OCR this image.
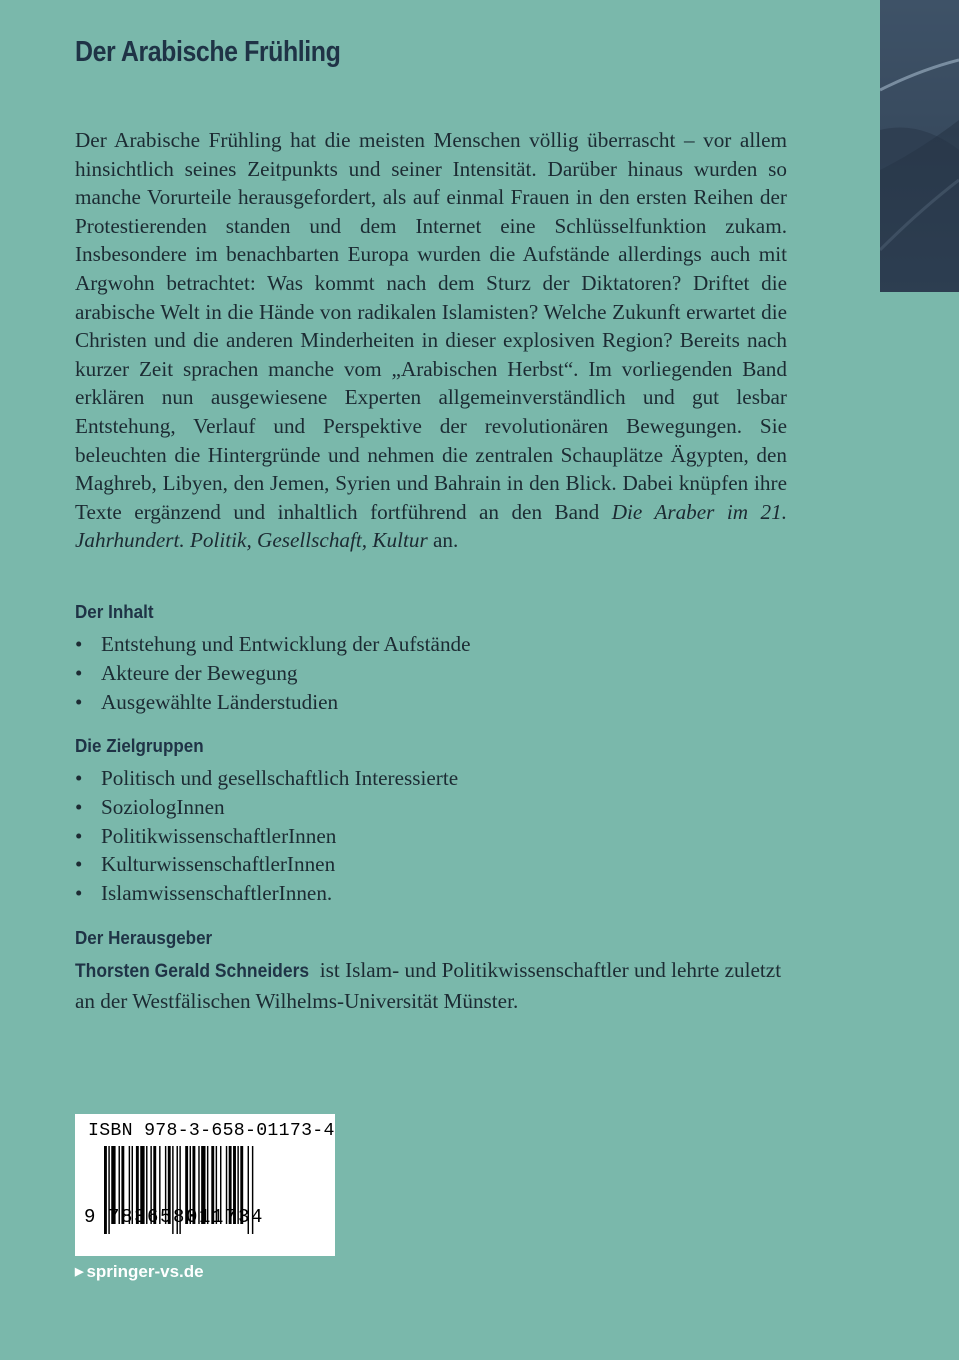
Der Arabische Frühling

Der Arabische Frühling hat die meisten Menschen völlig überrascht – vor allem hinsichtlich seines Zeitpunkts und seiner Intensität. Darüber hinaus wurden so manche Vorurteile herausgefordert, als auf einmal Frauen in den ersten Reihen der Protestierenden standen und dem Internet eine Schlüsselfunktion zukam. Insbesondere im benachbarten Europa wurden die Aufstände allerdings auch mit Argwohn betrachtet: Was kommt nach dem Sturz der Diktatoren? Driftet die arabische Welt in die Hände von radikalen Islamisten? Welche Zukunft erwartet die Christen und die anderen Minderheiten in dieser explosiven Region? Bereits nach kurzer Zeit sprachen manche vom „Arabischen Herbst“. Im vorliegenden Band erklären nun ausgewiesene Experten allgemeinverständlich und gut lesbar Entstehung, Verlauf und Perspektive der revolutionären Bewegungen. Sie beleuchten die Hintergründe und nehmen die zentralen Schauplätze Ägypten, den Maghreb, Libyen, den Jemen, Syrien und Bahrain in den Blick. Dabei knüpfen ihre Texte ergänzend und inhaltlich fortführend an den Band Die Araber im 21. Jahrhundert. Politik, Gesellschaft, Kultur an.

Der Inhalt
• Entstehung und Entwicklung der Aufstände
• Akteure der Bewegung
• Ausgewählte Länderstudien
Die Zielgruppen
• Politisch und gesellschaftlich Interessierte
• SoziologInnen
• PolitikwissenschaftlerInnen
• KulturwissenschaftlerInnen
• IslamwissenschaftlerInnen.
Der Herausgeber

Thorsten Gerald Schneiders ist Islam- und Politikwissenschaftler und lehrte zuletzt an der Westfälischen Wilhelms-Universität Münster.

ISBN 978-3-658-01173-4
9 783658011734
▶ springer-vs.de
